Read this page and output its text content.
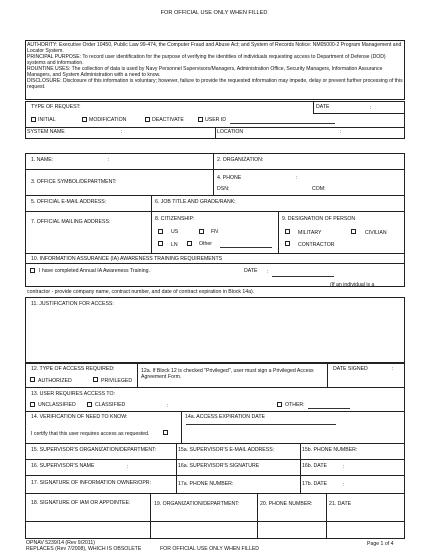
FOR OFFICIAL USE ONLY WHEN FILLED
AUTHORITY: Executive Order 10450, Public Law 99-474, the Computer Fraud and Abuse Act; and System of Records Notice: NM05000-2 Program Management and Locator System.
PRINCIPAL PURPOSE: To record user identification for the purpose of verifying the identities of individuals requesting access to Department of Defense (DOD) systems and information.
ROUNTINE USES: The collection of data is used by Navy Personnel Supervisors/Managers, Administration Office, Security Managers, Information Assurance Managers, and System Administration with a need to know.
DISCLOSURE: Disclosure of this information is voluntary; however, failure to provide the requested information may impede, delay or prevent further processing of this request.
TYPE OF REQUEST:	DATE	:
INITIAL	MODIFICATION	DEACTIVATE	USER ID
SYSTEM NAME	:	LOCATION	:
1. NAME:	:	2. ORGANIZATION:
3. OFFICE SYMBOL/DEPARTMENT:
4. PHONE	:
DSN:	COM:
5. OFFICIAL E-MAIL ADDRESS:	6. JOB TITLE AND GRADE/RANK:
7. OFFICIAL MAILING ADDRESS:	8. CITIZENSHIP:
US	FN
LN	Other
9. DESIGNATION OF PERSON
MILITARY	CIVILIAN
CONTRACTOR
10. INFORMATION ASSURANCE (IA) AWARENESS TRAINING REQUIREMENTS
I have completed Annual IA Awareness Training.	DATE :
(If an individual is a
contractor - provide company name, contract number, and date of contract expiration in Block 14a).
11. JUSTIFICATION FOR ACCESS:
12. TYPE OF ACCESS REQUIRED:
AUTHORIZED	PRIVILEGED
12a. If Block 12 is checked "Privileged", user must sign a Privileged Access Agreement Form.
DATE SIGNED	:
13. USER REQUIRES ACCESS TO:
UNCLASSIFIED	CLASSIFIED	:	OTHER:
14. VERIFICATION OF NEED TO KNOW:
I certify that this user requires access as requested.
14a. ACCESS EXPIRATION DATE
15. SUPERVISOR'S ORGANIZATION/DEPARTMENT:	15a. SUPERVISOR'S E-MAIL ADDRESS:	15b. PHONE NUMBER:
16. SUPERVISOR'S NAME	:	16a. SUPERVISOR'S SIGNATURE	16b. DATE	:
17. SIGNATURE OF INFORMATION OWNER/OPR:	17a. PHONE NUMBER:	17b. DATE	:
18. SIGNATURE OF IAM OR APPOINTEE:	19. ORGANIZATION/DEPARTMENT:	20. PHONE NUMBER:	21. DATE
OPNAV 5239/14 (Rev 9/2011)
REPLACES (Rev 7/2008), WHICH IS OBSOLETE	FOR OFFICIAL USE ONLY WHEN FILLED
Page 1 of 4
